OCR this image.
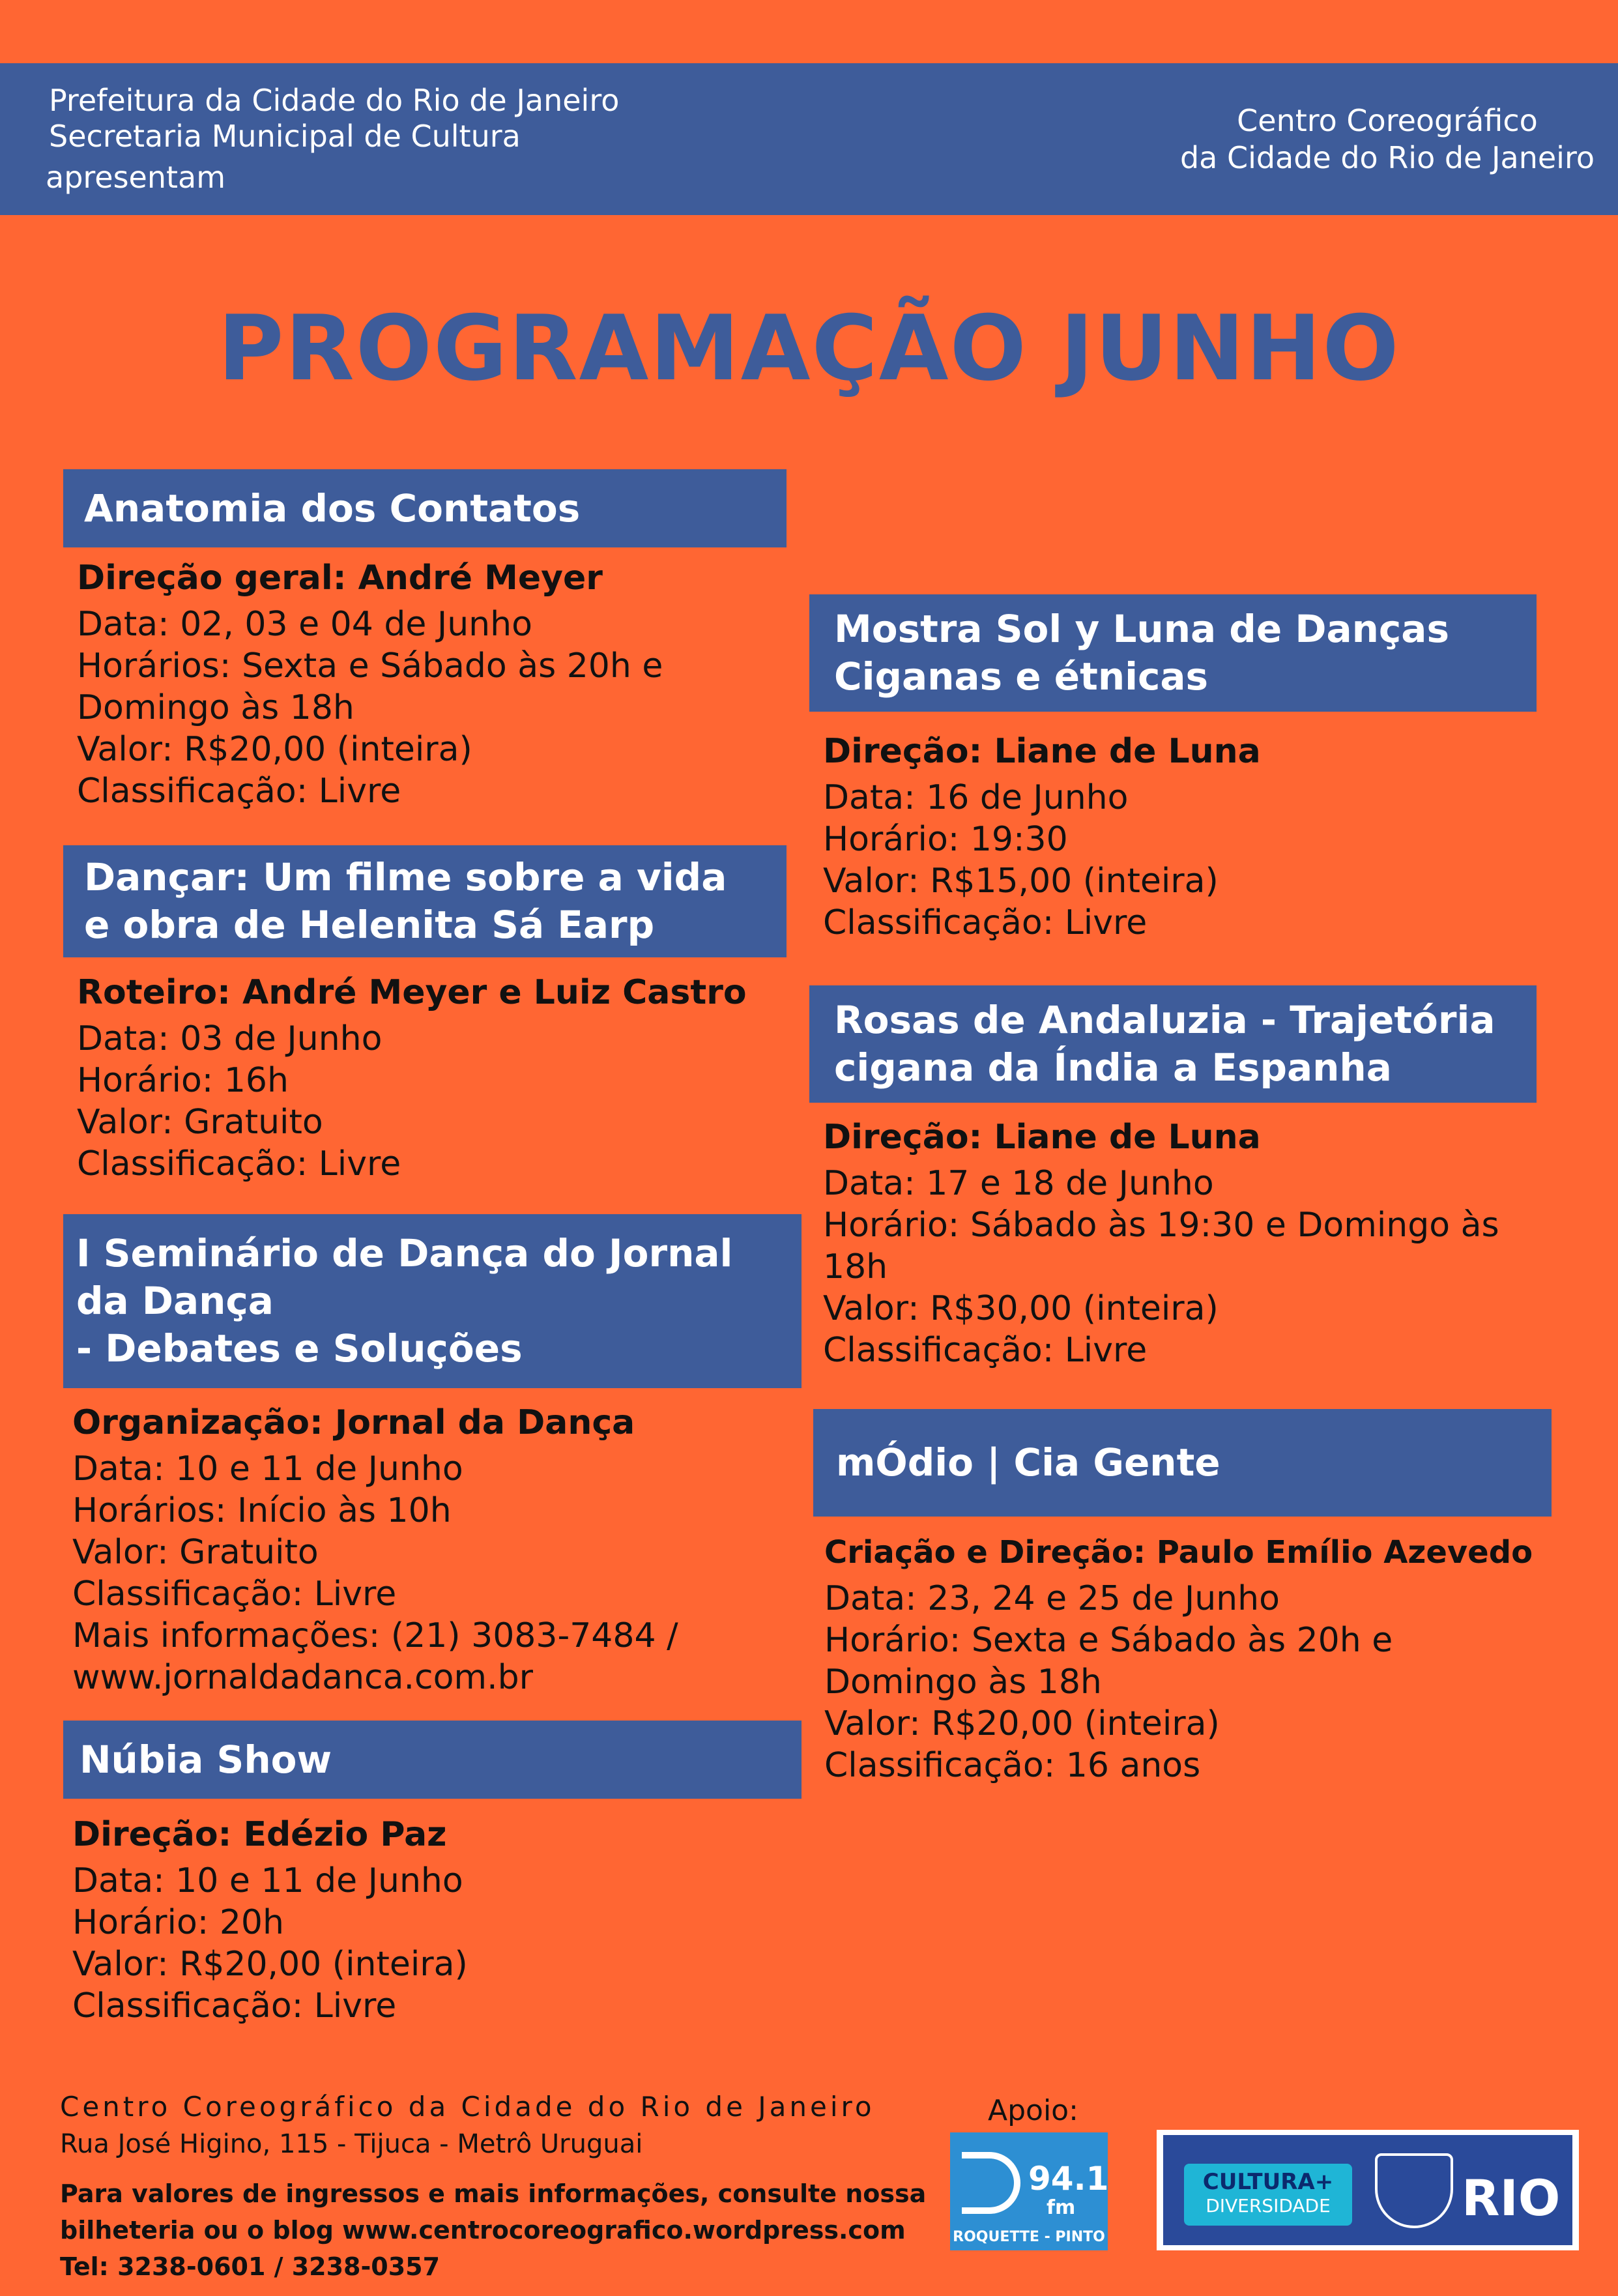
Prefeitura da Cidade do Rio de Janeiro
Secretaria Municipal de Cultura
apresentam
Centro Coreográfico
da Cidade do Rio de Janeiro
PROGRAMAÇÃO JUNHO
Anatomia dos Contatos
Direção geral: André Meyer
Data: 02, 03 e 04 de Junho
Horários: Sexta e Sábado às 20h e
Domingo às 18h
Valor: R$20,00 (inteira)
Classificação: Livre
Dançar: Um filme sobre a vida
e obra de Helenita Sá Earp
Roteiro: André Meyer e Luiz Castro
Data: 03 de Junho
Horário: 16h
Valor: Gratuito
Classificação: Livre
I Seminário de Dança do Jornal
da Dança
- Debates e Soluções
Organização: Jornal da Dança
Data: 10 e 11 de Junho
Horários: Início às 10h
Valor: Gratuito
Classificação: Livre
Mais informações: (21) 3083-7484 /
www.jornaldadanca.com.br
Núbia Show
Direção: Edézio Paz
Data: 10 e 11 de Junho
Horário: 20h
Valor: R$20,00 (inteira)
Classificação: Livre
Mostra Sol y Luna de Danças
Ciganas e étnicas
Direção: Liane de Luna
Data: 16 de Junho
Horário: 19:30
Valor: R$15,00 (inteira)
Classificação: Livre
Rosas de Andaluzia - Trajetória
cigana da Índia a Espanha
Direção: Liane de Luna
Data: 17 e 18 de Junho
Horário: Sábado às 19:30 e Domingo às
18h
Valor: R$30,00 (inteira)
Classificação: Livre
mÓdio | Cia Gente
Criação e Direção: Paulo Emílio Azevedo
Data: 23, 24 e 25 de Junho
Horário: Sexta e Sábado às 20h e
Domingo às 18h
Valor: R$20,00 (inteira)
Classificação: 16 anos
Centro Coreográfico da Cidade do Rio de Janeiro
Rua José Higino, 115 - Tijuca - Metrô Uruguai
Para valores de ingressos e mais informações, consulte nossa
bilheteria ou o blog www.centrocoreografico.wordpress.com
Tel: 3238-0601 / 3238-0357
Apoio:
94.1
fm
ROQUETTE - PINTO
CULTURA+
DIVERSIDADE	RIO
